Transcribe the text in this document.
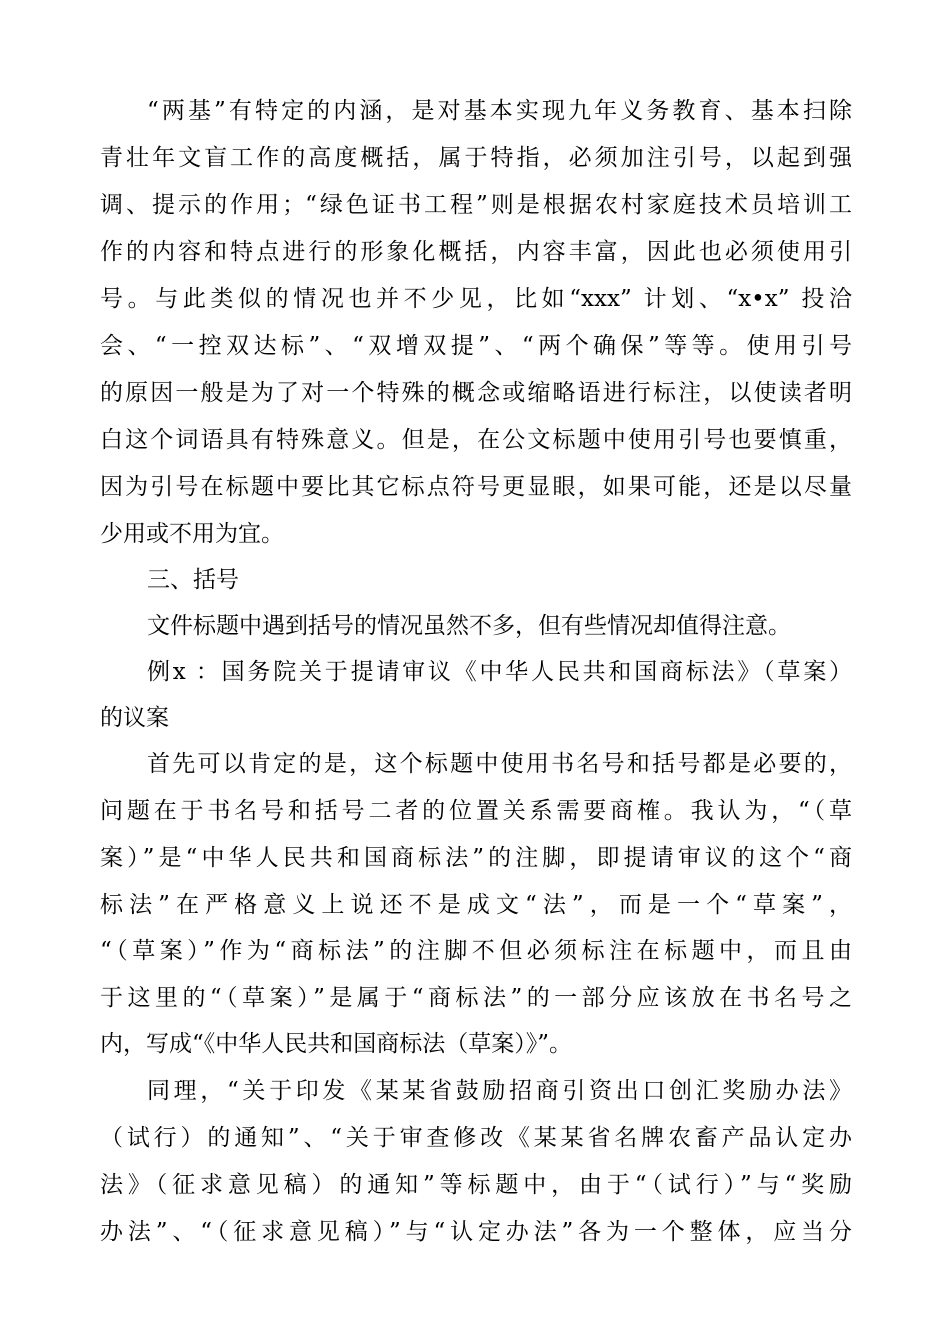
“两基”有特定的内涵，是对基本实现九年义务教育、基本扫除
青壮年文盲工作的高度概括，属于特指，必须加注引号，以起到强
调、提示的作用；“绿色证书工程”则是根据农村家庭技术员培训工
作的内容和特点进行的形象化概括，内容丰富，因此也必须使用引
号。与此类似的情况也并不少见，比如“xxx” 计划、“x•x” 投洽
会、“一控双达标”、“双增双提”、“两个确保”等等。使用引号
的原因一般是为了对一个特殊的概念或缩略语进行标注，以使读者明
白这个词语具有特殊意义。但是，在公文标题中使用引号也要慎重，
因为引号在标题中要比其它标点符号更显眼，如果可能，还是以尽量
少用或不用为宜。
三、括号
文件标题中遇到括号的情况虽然不多，但有些情况却值得注意。
例x ：国务院关于提请审议《中华人民共和国商标法》（草案）
的议案
首先可以肯定的是，这个标题中使用书名号和括号都是必要的，
问题在于书名号和括号二者的位置关系需要商榷。我认为，“（草
案）”是“中华人民共和国商标法”的注脚，即提请审议的这个“商
标法”在严格意义上说还不是成文“法”，而是一个“草案”，
“（草案）”作为“商标法”的注脚不但必须标注在标题中，而且由
于这里的“（草案）”是属于“商标法”的一部分应该放在书名号之
内，写成“《中华人民共和国商标法（草案）》”。
同理，“关于印发《某某省鼓励招商引资出口创汇奖励办法》
（试行）的通知”、“关于审查修改《某某省名牌农畜产品认定办
法》（征求意见稿）的通知”等标题中，由于“（试行）”与“奖励
办法”、“（征求意见稿）”与“认定办法”各为一个整体，应当分
